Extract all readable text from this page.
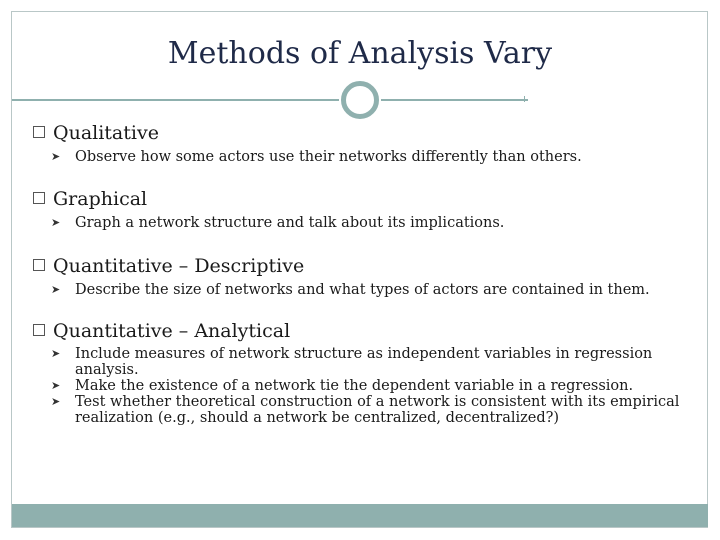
Methods of Analysis Vary
Qualitative
➤ Observe how some actors use their networks differently than others.
Graphical
➤ Graph a network structure and talk about its implications.
Quantitative – Descriptive
➤ Describe the size of networks and what types of actors are contained in them.
Quantitative – Analytical
➤ Include measures of network structure as independent variables in regression analysis.
➤ Make the existence of a network tie the dependent variable in a regression.
➤ Test whether theoretical construction of a network is consistent with its empirical realization (e.g., should a network be centralized, decentralized?)
